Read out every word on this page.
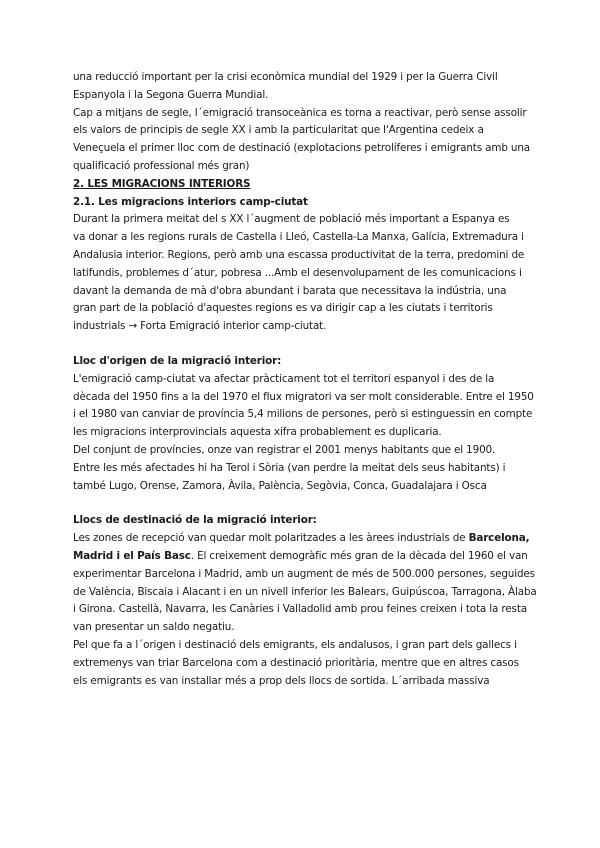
una reducció important per la crisi econòmica mundial del 1929 i per la Guerra Civil
Espanyola i la Segona Guerra Mundial.
Cap a mitjans de segle, l´emigració transoceànica es torna a reactivar, però sense assolir
els valors de principis de segle XX i amb la particularitat que l'Argentina cedeix a
Veneçuela el primer lloc com de destinació (explotacions petrolíferes i emigrants amb una
qualificació professional més gran)
2. LES MIGRACIONS INTERIORS
2.1. Les migracions interiors camp-ciutat
Durant la primera meitat del s XX l´augment de població més important a Espanya es
va donar a les regions rurals de Castella i Lleó, Castella-La Manxa, Galícia, Extremadura i
Andalusia interior. Regions, però amb una escassa productivitat de la terra, predomini de
latifundis, problemes d´atur, pobresa ...Amb el desenvolupament de les comunicacions i
davant la demanda de mà d'obra abundant i barata que necessitava la indústria, una
gran part de la població d'aquestes regions es va dirigir cap a les ciutats i territoris
industrials → Forta Emigració interior camp-ciutat.
Lloc d'origen de la migració interior:
L'emigració camp-ciutat va afectar pràcticament tot el territori espanyol i des de la
dècada del 1950 fins a la del 1970 el flux migratori va ser molt considerable. Entre el 1950
i el 1980 van canviar de província 5,4 milions de persones, però si estinguessin en compte
les migracions interprovincials aquesta xifra probablement es duplicaria.
Del conjunt de províncies, onze van registrar el 2001 menys habitants que el 1900.
Entre les més afectades hi ha Terol i Sòria (van perdre la meitat dels seus habitants) i
també Lugo, Orense, Zamora, Àvila, Palència, Segòvia, Conca, Guadalajara i Osca
Llocs de destinació de la migració interior:
Les zones de recepció van quedar molt polaritzades a les àrees industrials de Barcelona,
Madrid i el País Basc. El creixement demogràfic més gran de la dècada del 1960 el van
experimentar Barcelona i Madrid, amb un augment de més de 500.000 persones, seguides
de València, Biscaia i Alacant i en un nivell inferior les Balears, Guipúscoa, Tarragona, Àlaba
i Girona. Castellà, Navarra, les Canàries i Valladolid amb prou feines creixen i tota la resta
van presentar un saldo negatiu.
Pel que fa a l´origen i destinació dels emigrants, els andalusos, i gran part dels gallecs i
extremenys van triar Barcelona com a destinació prioritària, mentre que en altres casos
els emigrants es van installar més a prop dels llocs de sortida. L´arribada massiva
